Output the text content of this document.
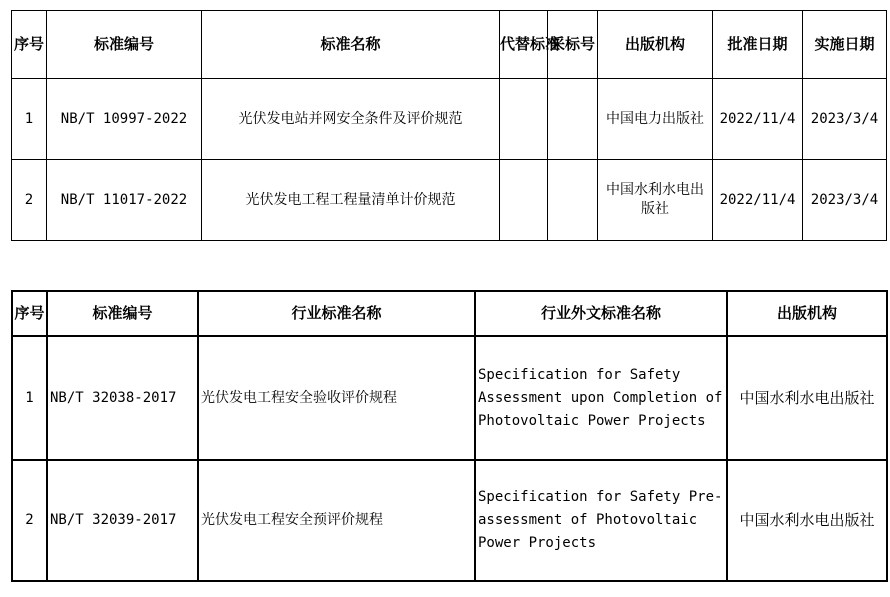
序号	标准编号	标准名称	代替标准	采标号	出版机构	批准日期	实施日期
1	NB/T 10997-2022	光伏发电站并网安全条件及评价规范			中国电力出版社	2022/11/4	2023/3/4
2	NB/T 11017-2022	光伏发电工程工程量清单计价规范			中国水利水电出版社	2022/11/4	2023/3/4
序号	标准编号	行业标准名称	行业外文标准名称	出版机构
1	NB/T 32038-2017	光伏发电工程安全验收评价规程	Specification for Safety Assessment upon Completion of Photovoltaic Power Projects	中国水利水电出版社
2	NB/T 32039-2017	光伏发电工程安全预评价规程	Specification for Safety Pre-assessment of Photovoltaic Power Projects	中国水利水电出版社
